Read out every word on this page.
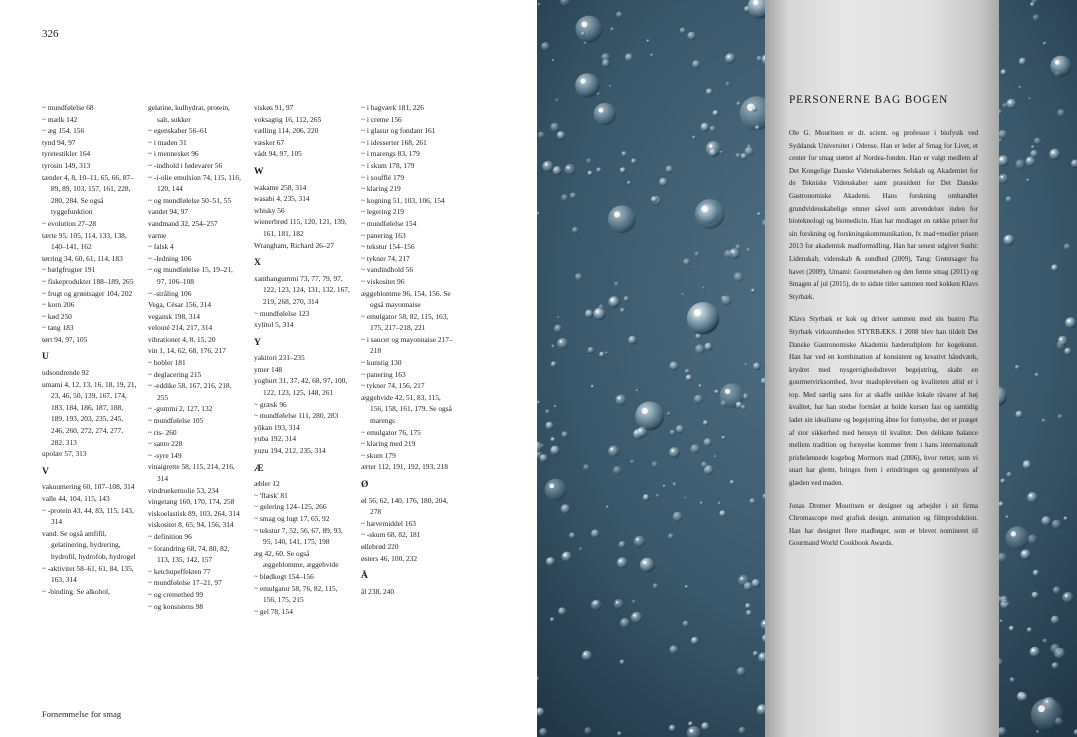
326
~ mundfølelse 68
~ mælk 142
~ æg 154, 156
tynd 94, 97
tyretestikler 164
tyrosin 149, 313
tænder 4, 8, 10–11, 65, 66, 87–89, 89, 103, 157, 161, 228, 280, 284. Se også tyggefunktion
~ evolution 27–28
tærte 95, 105, 114, 133, 138, 140–141, 162
tørring 34, 60, 61, 114, 183
~ bælgfrugter 191
~ fiskeprodukter 188–189, 265
~ frugt og grøntsager 104, 202
~ korn 206
~ kød 250
~ tang 183
tørt 94, 97, 105
U
udsondrende 92
umami 4, 12, 13, 16, 18, 19, 21, 23, 46, 50, 139, 167, 174, 183, 184, 186, 187, 188, 189, 193, 203, 235, 245, 246, 260, 272, 274, 277, 282, 313
upolær 57, 313
V
vakuumering 60, 107–108, 314
valle 44, 104, 115, 143
~ -protein 43, 44, 83, 115, 143, 314
vand. Se også amfifil, gelatinering, hydrering, hydrofil, hydrofob, hydrogel
~ -aktivitet 58–61, 61, 84, 135, 163, 314
~ -binding. Se alkohol,
gelatine, kulhydrat, protein, salt, sukker
~ egenskaber 56–61
~ i maden 31
~ i mennesket 96
~ -indhold i fødevarer 56
~ -i-olie emulsion 74, 115, 116, 120, 144
~ og mundfølelse 50–51, 55
vandet 94, 97
vandmand 32, 254–257
varme
~ falsk 4
~ -ledning 106
~ og mundfølelse 15, 19–21, 97, 106–108
~ -stråling 106
Vega, César 156, 314
vegansk 198, 314
velouté 214, 217, 314
vibrationer 4, 8, 15, 20
vin 1, 14, 62, 68, 176, 217
~ bobler 181
~ deglacering 215
~ -eddike 58, 167, 216, 218, 255
~ -gummi 2, 127, 132
~ mundfølelse 105
~ ris- 260
~ santo 228
~ -syre 149
vinaigrette 58, 115, 214, 216, 314
vindruekernolie 53, 234
vingetang 160, 170, 174, 258
viskoelastisk 89, 103, 264, 314
viskositet 8, 65, 94, 156, 314
~ definition 96
~ forandring 68, 74, 80, 82, 113, 135, 142, 157
~ ketchupeffekten 77
~ mundfølelse 17–21, 97
~ og cremethed 99
~ og konsistens 98
viskøs 91, 97
voksagtig 16, 112, 265
vælling 114, 206, 220
væsker 67
vådt 94, 97, 105
W
wakame 258, 314
wasabi 4, 235, 314
whisky 56
wienerbrød 115, 120, 121, 139, 161, 181, 182
Wrangham, Richard 26–27
X
xanthangummi 73, 77, 79, 97, 122, 123, 124, 131, 132, 167, 219, 268, 270, 314
~ mundfølelse 123
xylitol 5, 314
Y
yakitori 231–235
ymer 148
yoghurt 31, 37, 42, 68, 97, 100, 122, 123, 125, 148, 261
~ græsk 96
~ mundfølelse 111, 280, 283
yōkan 193, 314
yuba 192, 314
yuzu 194, 212, 235, 314
Æ
æbler 12
~ 'flæsk' 81
~ gelering 124–125, 266
~ smag og lugt 17, 65, 92
~ tekstur 7, 52, 56, 67, 89, 93, 95, 140, 141, 175, 198
æg 42, 60. Se også æggeblomme, æggehvide
~ blødkogt 154–156
~ emulgator 58, 76, 82, 115, 156, 175, 215
~ gel 78, 154
~ i bagværk 181, 226
~ i creme 156
~ i glasur og fondant 161
~ i idesserter 168, 261
~ i marengs 83, 179
~ i skum 178, 179
~ i soufflé 179
~ klaring 219
~ kogning 51, 103, 106, 154
~ legering 219
~ mundfølelse 154
~ panering 163
~ tekstur 154–156
~ tykner 74, 217
~ vandindhold 56
~ viskositet 96
æggeblomme 96, 154, 156. Se også mayonnaise
~ emulgator 58, 82, 115, 163, 175, 217–218, 221
~ i saucer og mayonnaise 217–218
~ kunstig 130
~ panering 163
~ tykner 74, 156, 217
æggehvide 42, 51, 83, 115, 156, 158, 161, 179. Se også marengs
~ emulgator 76, 175
~ klaring med 219
~ skum 179
ærter 112, 191, 192, 193, 218
Ø
øl 56, 62, 140, 176, 180, 204, 278
~ hævemiddel 163
~ -skum 68, 82, 181
øllebrød 220
østers 46, 100, 232
Å
ål 238, 240
Fornemmelse for smag
PERSONERNE BAG BOGEN

Ole G. Mouritsen er dr. scient. og professor i biofysik ved Syddansk Universitet i Odense. Han er leder af Smag for Livet, et center for smag støttet af Nordea-fonden. Han er valgt medlem af Det Kongelige Danske Videnskabernes Selskab og Akademiet for de Tekniske Videnskaber samt præsident for Det Danske Gastronomiske Akademi. Hans forskning omhandler grundvidenskabelige emner såvel som anvendelser inden for bioteknologi og biomedicin. Han har modtaget en række priser for sin forskning og forskningskommunikation, fx mad+medier prisen 2013 for akademisk madformidling. Han har senest udgivet Sushi: Lidenskab, videnskab & sundhed (2009), Tang: Grøntsager fra havet (2009), Umami: Gourmetaben og den femte smag (2011) og Smagen af jul (2015), de to sidste titler sammen med kokken Klavs Styrbæk.

Klavs Styrbæk er kok og driver sammen med sin hustru Pia Styrbæk virksomheden STYRBÆKS. I 2008 blev han tildelt Det Danske Gastronomiske Akademis hædersdiplom for kogekunst. Han har ved en kombination af konsistent og kreativt håndværk, krydret med nysgerrighedsdrevet begejstring, skabt en gourmetvirksomhed, hvor madoplevelsen og kvaliteten altid er i top. Med særlig sans for at skaffe unikke lokale råvarer af høj kvalitet, har han stedse formået at holde kursen fast og samtidig ladet sin idealisme og begejstring åbne for fornyelse, der er præget af stor sikkerhed med hensyn til kvalitet. Den delikate balance mellem tradition og fornyelse kommer frem i hans internationalt prisbelønnede kogebog Mormors mad (2006), hvor retter, som vi snart har glemt, bringes frem i erindringen og gennemlyses af glæden ved maden.

Jonas Drotner Mouritsen er designer og arbejder i sit firma Chromascope med grafisk design, animation og filmproduktion. Han har designet flere madbøger, som er blevet nomineret til Gourmand World Cookbook Awards.
